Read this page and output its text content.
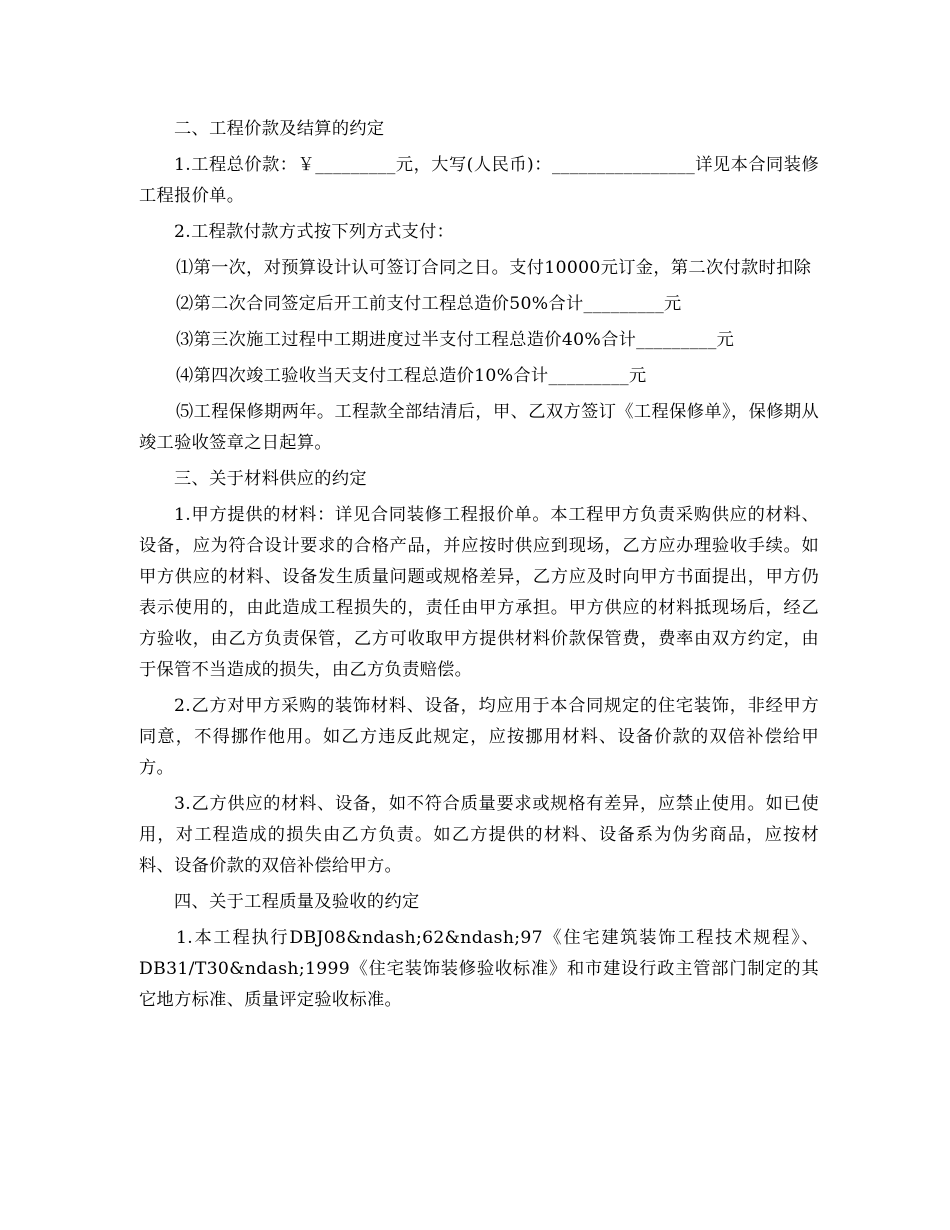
二、工程价款及结算的约定

1.工程总价款：￥_________元，大写(人民币)：________________详见本合同装修工程报价单。

2.工程款付款方式按下列方式支付：

⑴第一次，对预算设计认可签订合同之日。支付10000元订金，第二次付款时扣除

⑵第二次合同签定后开工前支付工程总造价50%合计_________元

⑶第三次施工过程中工期进度过半支付工程总造价40%合计_________元

⑷第四次竣工验收当天支付工程总造价10%合计_________元

⑸工程保修期两年。工程款全部结清后，甲、乙双方签订《工程保修单》，保修期从竣工验收签章之日起算。

三、关于材料供应的约定

1.甲方提供的材料：详见合同装修工程报价单。本工程甲方负责采购供应的材料、设备，应为符合设计要求的合格产品，并应按时供应到现场，乙方应办理验收手续。如甲方供应的材料、设备发生质量问题或规格差异，乙方应及时向甲方书面提出，甲方仍表示使用的，由此造成工程损失的，责任由甲方承担。甲方供应的材料抵现场后，经乙方验收，由乙方负责保管，乙方可收取甲方提供材料价款保管费，费率由双方约定，由于保管不当造成的损失，由乙方负责赔偿。

2.乙方对甲方采购的装饰材料、设备，均应用于本合同规定的住宅装饰，非经甲方同意，不得挪作他用。如乙方违反此规定，应按挪用材料、设备价款的双倍补偿给甲方。

3.乙方供应的材料、设备，如不符合质量要求或规格有差异，应禁止使用。如已使用，对工程造成的损失由乙方负责。如乙方提供的材料、设备系为伪劣商品，应按材料、设备价款的双倍补偿给甲方。

四、关于工程质量及验收的约定

1.本工程执行DBJ08&ndash;62&ndash;97《住宅建筑装饰工程技术规程》、DB31/T30&ndash;1999《住宅装饰装修验收标准》和市建设行政主管部门制定的其它地方标准、质量评定验收标准。
